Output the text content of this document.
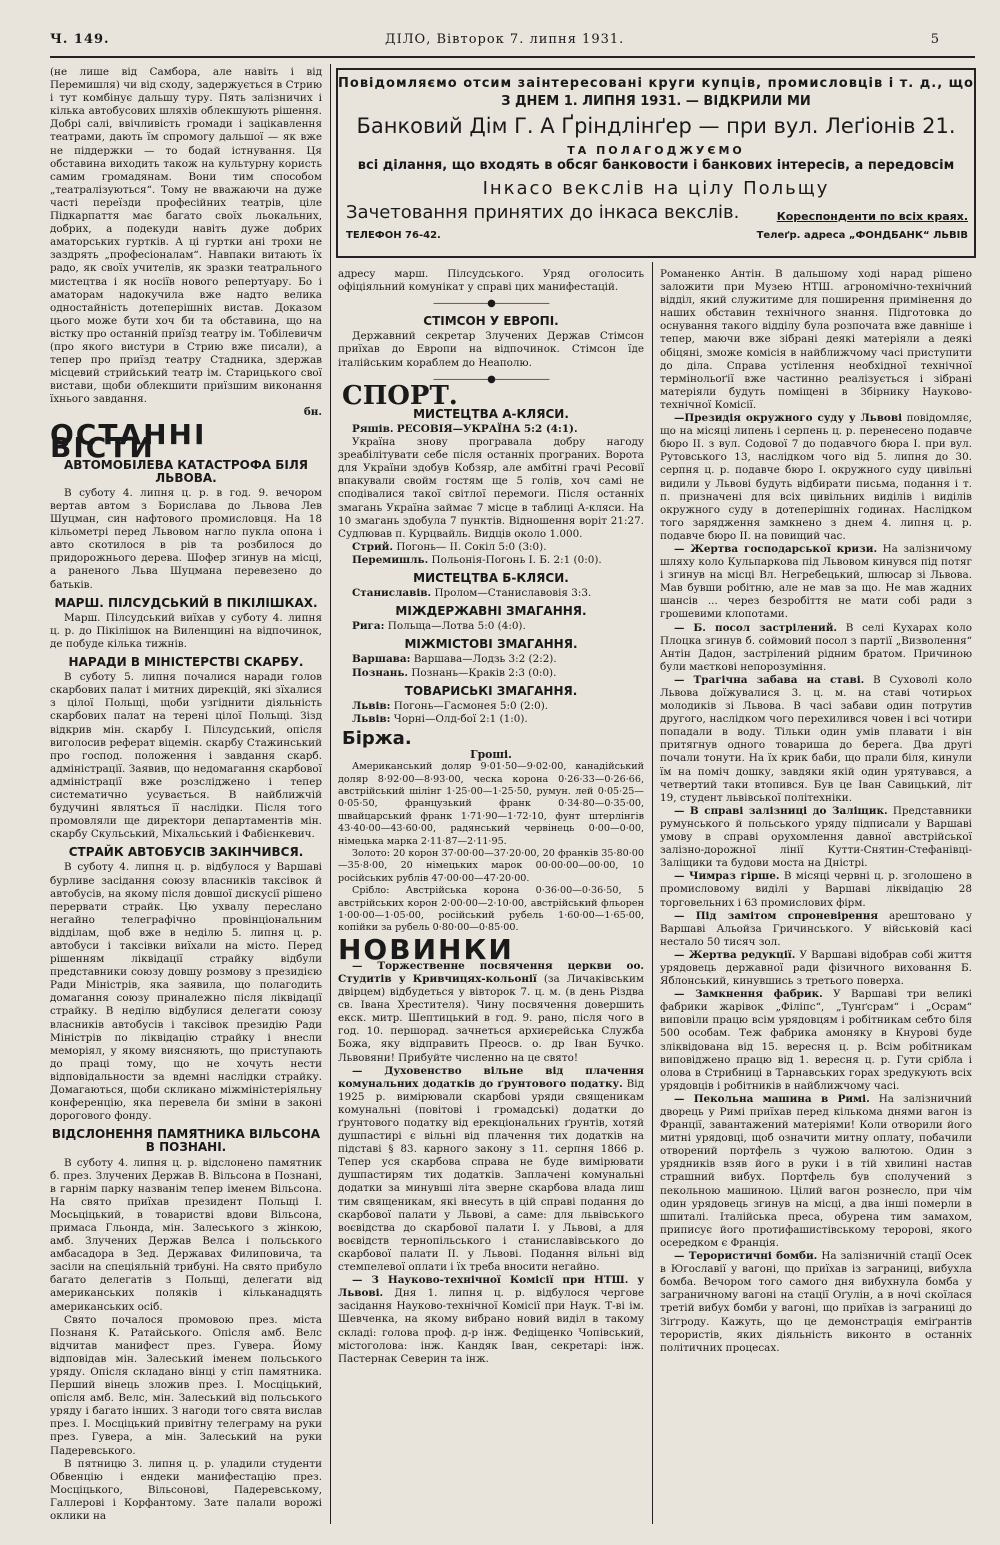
Ч. 149.	ДІЛО, Вівторок 7. липня 1931.	5
Повідомляємо отсим заінтересовані круги купців, промисловців і т. д., що
З ДНЕМ 1. ЛИПНЯ 1931. — ВІДКРИЛИ МИ
Банковий Дім Г. А Ґріндлінґер — при вул. Леґіонів 21.
ТА ПОЛАГОДЖУЄМО
всі ділання, що входять в обсяг банковости і банкових інтересів, а передовсім
Інкасо векслів на цілу Польщу
Зачетовання принятих до інкаса векслів.	Кореспонденти по всіх краях.
ТЕЛЕФОН 76-42.	Телеґр. адреса „ФОНДБАНК“ ЛЬВІВ

(не лише від Самбора, але навіть і від Перемишля) чи від сходу, задержується в Стрию і тут комбінує дальшу туру. Пять залізничих і кілька автобусових шляхів облекшують рішення. Добрі салі, ввічливість громади і зацікавлення театрами, дають їм спромогу дальшої — як вже не піддержки — то бодай істнування. Ця обставина виходить також на культурну користь самим громадянам. Вони тим способом „театралізуються“. Тому не вважаючи на дуже часті переїзди професійних театрів, ціле Підкарпаття має багато своїх льокальних, добрих, а подекуди навіть дуже добрих аматорських гуртків. А ці гуртки ані трохи не заздрять „професіоналам“. Навпаки витають їх радо, як своїх учителів, як зразки театрального мистецтва і як носіїв нового репертуару. Бо і аматорам надокучила вже надто велика одностайність дотеперішніх вистав. Доказом цього може бути хоч би та обставина, що на вістку про останній приїзд театру ім. Тобілевичм (про якого вистури в Стрию вже писали), а тепер про приїзд театру Стадника, здержав місцевий стрийський театр ім. Старицького свої вистави, щоби облекшити приїзшим виконання їхнього завдання.

бн.

ОСТАННІ ВІСТИ
АВТОМОБІЛЕВА КАТАСТРОФА БІЛЯ ЛЬВОВА.

В суботу 4. липня ц. р. в год. 9. вечором вертав автом з Борислава до Львова Лев Шуцман, син нафтового промисловця. На 18 кільометрі перед Львовом нагло пукла опона і авто скотилося в рів та розбилося до придорожнього дерева. Шофер згинув на місці, а раненого Льва Шуцмана перевезено до батьків.

МАРШ. ПІЛСУДСЬКИЙ В ПІКІЛІШКАХ.

Марш. Пілсудський виїхав у суботу 4. липня ц. р. до Пікілішок на Виленщині на відпочинок, де побуде кілька тижнів.

НАРАДИ В МІНІСТЕРСТВІ СКАРБУ.

В суботу 5. липня почалися наради голов скарбових палат і митних дирекцій, які зїхалися з цілої Польщі, щоби узгіднити діяльність скарбових палат на терені цілої Польщі. Зізд відкрив мін. скарбу І. Пілсудський, опісля виголосив реферат віцемін. скарбу Стажинський про господ. положення і завдання скарб. адміністрації. Заявив, що недомагання скарбової адміністрації вже розсліджено і тепер систематично усувається. В найближчій будучині являться її наслідки. Після того промовляли ще директори департаментів мін. скарбу Скульський, Міхальський і Фабієнкевич.

СТРАЙК АВТОБУСІВ ЗАКІНЧИВСЯ.

В суботу 4. липня ц. р. відбулося у Варшаві бурливе засідання союзу власників таксівок й автобусів, на якому після довшої дискусії рішено перервати страйк. Цю ухвалу переслано негайно телеграфічно провінціональним відділам, щоб вже в неділю 5. липня ц. р. автобуси і таксівки виїхали на місто. Перед рішенням ліквідації страйку відбули представники союзу довшу розмову з президією Ради Міністрів, яка заявила, що полагодить домагання союзу приналежно після ліквідації страйку. В неділю відбулися делегати союзу власників автобусів і таксівок президію Ради Міністрів по ліквідацію страйку і внесли меморіял, у якому виясняють, що приступають до праці тому, що не хочуть нести відповідальности за вдемні наслідки страйку. Домагаються, щоби скликано міжміністеріяльну конференцію, яка перевела би зміни в законі дорогового фонду.

ВІДСЛОНЕННЯ ПАМЯТНИКА ВІЛЬСОНА В ПОЗНАНІ.

В суботу 4. липня ц. р. відслонено памятник б. през. Злучених Держав В. Вільсона в Познані, в гарнім парку названім тепер іменем Вільсона. На свято приїхав президент Польщі І. Мосьціцький, в товаристві вдови Вільсона, примаса Гльонда, мін. Залеського з жінкою, амб. Злучених Держав Велса і польського амбасадора в Зед. Державах Филиповича, та засіли на спеціяльній трибуні. На свято прибуло багато делегатів з Польщі, делегати від американських поляків і кільканадцять американських осіб.

Свято почалося промовою през. міста Познаня К. Ратайського. Опісля амб. Велс відчитав манифест през. Гувера. Йому відповідав мін. Залеський іменем польського уряду. Опісля складано вінці у стіп памятника. Перший вінець зложив през. І. Мосціцький, опісля амб. Велс, мін. Залеський від польського уряду і багато інших. З нагоди того свята вислав през. І. Мосціцький привітну телеграму на руки през. Гувера, а мін. Залеський на руки Падеревського.

В пятницю 3. липня ц. р. уладили студенти Обвенцію і ендеки манифестацію през. Мосціцького, Вільсонові, Падеревському, Галлерові і Корфантому. Зате палали ворожі оклики на

адресу марш. Пілсудського. Уряд оголосить офіціяльний комунікат у справі цих манифестацій.

——————●——————
СТІМСОН У ЕВРОПІ.

Державний секретар Злучених Держав Стімсон приїхав до Европи на відпочинок. Стімсон їде італійським кораблем до Неаполю.

——————●——————
СПОРТ.
МИСТЕЦТВА А-КЛЯСИ.

Ряшів. РЕСОВІЯ—УКРАЇНА 5:2 (4:1).

Україна знову програвала добру нагоду зреабілітувати себе після останніх програних. Ворота для України здобув Кобзяр, але амбітні грачі Ресовії впакували свойм гостям ще 5 голів, хоч самі не сподівалися такої світлої перемоги. Після останніх змагань Україна займає 7 місце в таблиці А-кляси. На 10 змагань здобула 7 пунктів. Відношення воріт 21:27. Судлював п. Курцвайль. Видців около 1.000.

Стрий. Погонь— ІІ. Сокіл 5:0 (3:0).

Перемишль. Польонія-Погонь І. Б. 2:1 (0:0).

МИСТЕЦТВА Б-КЛЯСИ.

Станиславів. Пролом—Станиславовія 3:3.

МІЖДЕРЖАВНІ ЗМАГАННЯ.

Рига: Польща—Лотва 5:0 (4:0).

МІЖМІСТОВІ ЗМАГАННЯ.

Варшава: Варшава—Лодзь 3:2 (2:2).

Познань. Познань—Краків 2:3 (0:0).

ТОВАРИСЬКІ ЗМАГАННЯ.

Львів: Погонь—Гасмонея 5:0 (2:0).

Львів: Чорні—Олд-бої 2:1 (1:0).

Біржа.
Гроші.

Американський доляр 9·01·50—9·02·00, канадійський доляр 8·92·00—8·93·00, ческа корона 0·26·33—0·26·66, австрійський шілінг 1·25·00—1·25·50, румун. лей 0·05·25—0·05·50, французький франк 0·34·80—0·35·00, швайцарський франк 1·71·90—1·72·10, фунт штерлінгів 43·40·00—43·60·00, радянський червінець 0·00—0·00, німецька марка 2·11·87—2·11·95.

Золото: 20 корон 37·00·00—37·20·00, 20 франків 35·80·00—35·8·00, 20 німецьких марок 00·00·00—00·00, 10 російських рублів 47·00·00—47·20·00.

Срібло: Австрійська корона 0·36·00—0·36·50, 5 австрійських корон 2·00·00—2·10·00, австрійський фльорен 1·00·00—1·05·00, російський рубель 1·60·00—1·65·00, копійки за рубель 0·80·00—0·85·00.

НОВИНКИ

— Торжественне посвячення церкви оо. Студитів у Кривчицях-кольонії (за Личаківським двірцем) відбудеться у вівторок 7. ц. м. (в день Різдва св. Івана Хрестителя). Чину посвячення довершить екск. митр. Шептицький в год. 9. рано, після чого в год. 10. першорад. зачнеться архиєрейська Служба Божа, яку відправить Преосв. о. др Іван Бучко. Львовяни! Прибуйте численно на це свято!

— Духовенство вільне від плачення комунальних додатків до ґрунтового податку. Від 1925 р. вимірювали скарбові уряди священикам комунальні (повітові і громадські) додатки до ґрунтового податку від ерекціональних ґрунтів, хотяй душпастирі є вільні від плачення тих додатків на підставі § 83. карного закону з 11. серпня 1866 р. Тепер уся скарбова справа не буде вимірювати душпастирям тих додатків. Заплачені комунальні додатки за минувші літа зверне скарбова влада лиш тим священикам, які внесуть в цій справі подання до скарбової палати у Львові, а саме: для львівського воєвідства до скарбової палати І. у Львові, а для воєвідств тернопільського і станиславівського до скарбової палати ІІ. у Львові. Подання вільні від стемпелевої оплати і їх треба вносити негайно.

— З Науково-технічної Комісії при НТШ. у Львові. Дня 1. липня ц. р. відбулося чергове засідання Науково-технічної Комісії при Наук. Т-ві ім. Шевченка, на якому вибрано новий виділ в такому складі: голова проф. д-р інж. Федіщенко Чопівський, містоголова: інж. Кандяк Іван, секретарі: інж. Пастернак Северин та інж.

Романенко Антін. В дальшому ході нарад рішено заложити при Музею НТШ. агрономічно-технічний відділ, який служитиме для поширення примінення до наших обставин технічного знання. Підготовка до оснування такого відділу була розпочата вже давніше і тепер, маючи вже зібрані деякі матеріяли а деякі обіцяні, зможе комісія в найближчому часі приступити до діла. Справа устілення необхідної технічної термінольоґії вже частинно реалізується і зібрані матеріяли будуть поміщені в Збірнику Науково-технічної Комісії.

—Президія окружного суду у Львові повідомляє, що на місяці липень і серпень ц. р. перенесено подавче бюро ІІ. з вул. Содової 7 до подавчого бюра І. при вул. Рутовського 13, наслідком чого від 5. липня до 30. серпня ц. р. подавче бюро І. окружного суду цивільні видили у Львові будуть відбирати письма, подання і т. п. призначені для всіх цивільних виділів і виділів окружного суду в дотеперішніх годинах. Наслідком того зарядження замкнено з днем 4. липня ц. р. подавче бюро ІІ. на повищий час.

— Жертва господарської кризи. На залізничому шляху коло Кульпаркова під Львовом кинувся під потяг і згинув на місці Вл. Негребецький, шлюсар зі Львова. Мав бувши робітню, але не мав за що. Не мав жадних шансів ... через безробіття не мати собі ради з грошевими клопотами.

— Б. посол застрілений. В селі Кухарах коло Плоцка згинув б. соймовий посол з партії „Визволення“ Антін Дадон, застрілений рідним братом. Причиною були маєткові непорозуміння.

— Трагічна забава на ставі. В Суховолі коло Львова доїжувалися 3. ц. м. на ставі чотирьох молодиків зі Львова. В часі забави один потрутив другого, наслідком чого перехилився човен і всі чотири попадали в воду. Тільки один умів плавати і він притягнув одного товариша до берега. Два другі почали тонути. На їх крик баби, що прали біля, кинули їм на поміч дошку, завдяки якій один урятувався, а четвертий таки втопився. Був це Іван Савицький, літ 19, студент львівської політехніки.

— В справі залізниці до Заліщик. Представники румунського й польського уряду підписали у Варшаві умову в справі орухомлення давної австрійської залізно-дорожної лінії Кутти-Снятин-Стефанівці-Заліщики та будови моста на Дністрі.

— Чимраз гірше. В місяці червні ц. р. зголошено в промисловому виділі у Варшаві ліквідацію 28 торговельних і 63 промислових фірм.

— Під замітом спроневірення арештовано у Варшаві Альойза Гричинського. У військовій касі нестало 50 тисяч зол.

— Жертва редукції. У Варшаві відобрав собі життя урядовець державної ради фізичного виховання Б. Яблонський, кинувшись з третього поверха.

— Замкнення фабрик. У Варшаві три великі фабрики жарівок „Філіпс“, „Тунґсрам“ і „Осрам“ виповіли працю всім урядовцям і робітникам себто біля 500 особам. Теж фабрика амоняку в Кнурові буде зліквідована від 15. вересня ц. р. Всім робітникам виповіджено працю від 1. вересня ц. р. Гути срібла і олова в Стрибниці в Тарнавських горах зредукують всіх урядовців і робітників в найближчому часі.

— Пекольна машина в Римі. На залізничний дворець у Римі приїхав перед кількома днями вагон із Франції, завантажений матеріями! Коли отворили його митні урядовці, щоб означити митну оплату, побачили отворений портфель з чужою валютою. Один з урядників взяв його в руки і в тій хвилині настав страшний вибух. Портфель був сполучений з пекольною машиною. Цілий вагон рознесло, при чім один урядовець згинув на місці, а два інші померли в шпиталі. Італійська преса, обурена тим замахом, приписує його протифашистівському теророві, якого осередком є Франція.

— Терористичні бомби. На залізничній стації Осек в Югославії у вагоні, що приїхав із заграниці, вибухла бомба. Вечором того самого дня вибухнула бомба у заграничному вагоні на стації Оґулін, а в ночі скоїлася третій вибух бомби у вагоні, що приїхав із заграниці до Зіґгроду. Кажуть, що це демонстрація еміґрантів терористів, яких діяльність виконто в останніх політичних процесах.
